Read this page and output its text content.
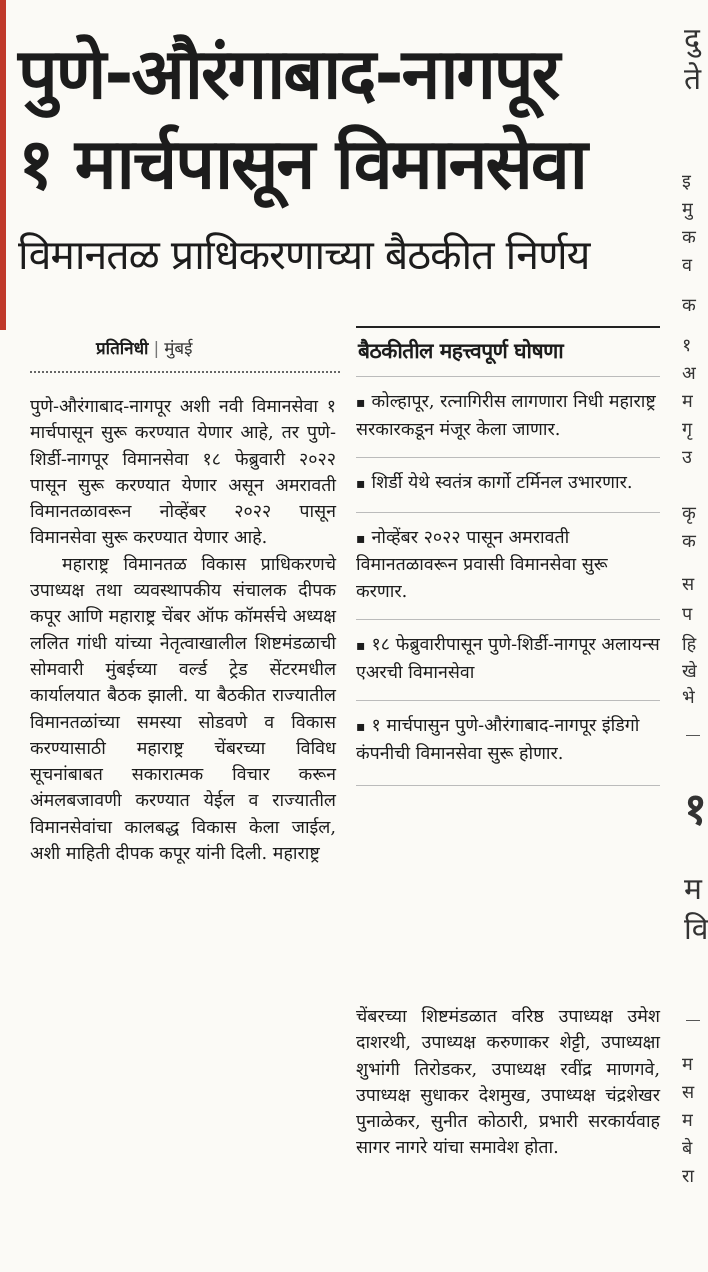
पुणे-औरंगाबाद-नागपूर
१ मार्चपासून विमानसेवा
विमानतळ प्राधिकरणाच्या बैठकीत निर्णय
प्रतिनिधी | मुंबई

पुणे-औरंगाबाद-नागपूर अशी नवी विमानसेवा १ मार्चपासून सुरू करण्यात येणार आहे, तर पुणे-शिर्डी-नागपूर विमानसेवा १८ फेब्रुवारी २०२२ पासून सुरू करण्यात येणार असून अमरावती विमानतळावरून नोव्हेंबर २०२२ पासून विमानसेवा सुरू करण्यात येणार आहे.

महाराष्ट्र विमानतळ विकास प्राधिकरणचे उपाध्यक्ष तथा व्यवस्थापकीय संचालक दीपक कपूर आणि महाराष्ट्र चेंबर ऑफ कॉमर्सचे अध्यक्ष ललित गांधी यांच्या नेतृत्वाखालील शिष्टमंडळाची सोमवारी मुंबईच्या वर्ल्ड ट्रेड सेंटरमधील कार्यालयात बैठक झाली. या बैठकीत राज्यातील विमानतळांच्या समस्या सोडवणे व विकास करण्यासाठी महाराष्ट्र चेंबरच्या विविध सूचनांबाबत सकारात्मक विचार करून अंमलबजावणी करण्यात येईल व राज्यातील विमानसेवांचा कालबद्ध विकास केला जाईल, अशी माहिती दीपक कपूर यांनी दिली. महाराष्ट्र

बैठकीतील महत्त्वपूर्ण घोषणा
▪ कोल्हापूर, रत्नागिरीस लागणारा निधी महाराष्ट्र सरकारकडून मंजूर केला जाणार.
▪ शिर्डी येथे स्वतंत्र कार्गो टर्मिनल उभारणार.
▪ नोव्हेंबर २०२२ पासून अमरावती विमानतळावरून प्रवासी विमानसेवा सुरू करणार.
▪ १८ फेब्रुवारीपासून पुणे-शिर्डी-नागपूर अलायन्स एअरची विमानसेवा
▪ १ मार्चपासुन पुणे-औरंगाबाद-नागपूर इंडिगो कंपनीची विमानसेवा सुरू होणार.

चेंबरच्या शिष्टमंडळात वरिष्ठ उपाध्यक्ष उमेश दाशरथी, उपाध्यक्ष करुणाकर शेट्टी, उपाध्यक्षा शुभांगी तिरोडकर, उपाध्यक्ष रवींद्र माणगवे, उपाध्यक्ष सुधाकर देशमुख, उपाध्यक्ष चंद्रशेखर पुनाळेकर, सुनीत कोठारी, प्रभारी सरकार्यवाह सागर नागरे यांचा समावेश होता.

दु
ते
इ
मु
क
व
क
१
अ
म
गृ
उ
कृ
क
स
प
हि
खे
भे
१
म
वि
म
स
म
बे
रा
